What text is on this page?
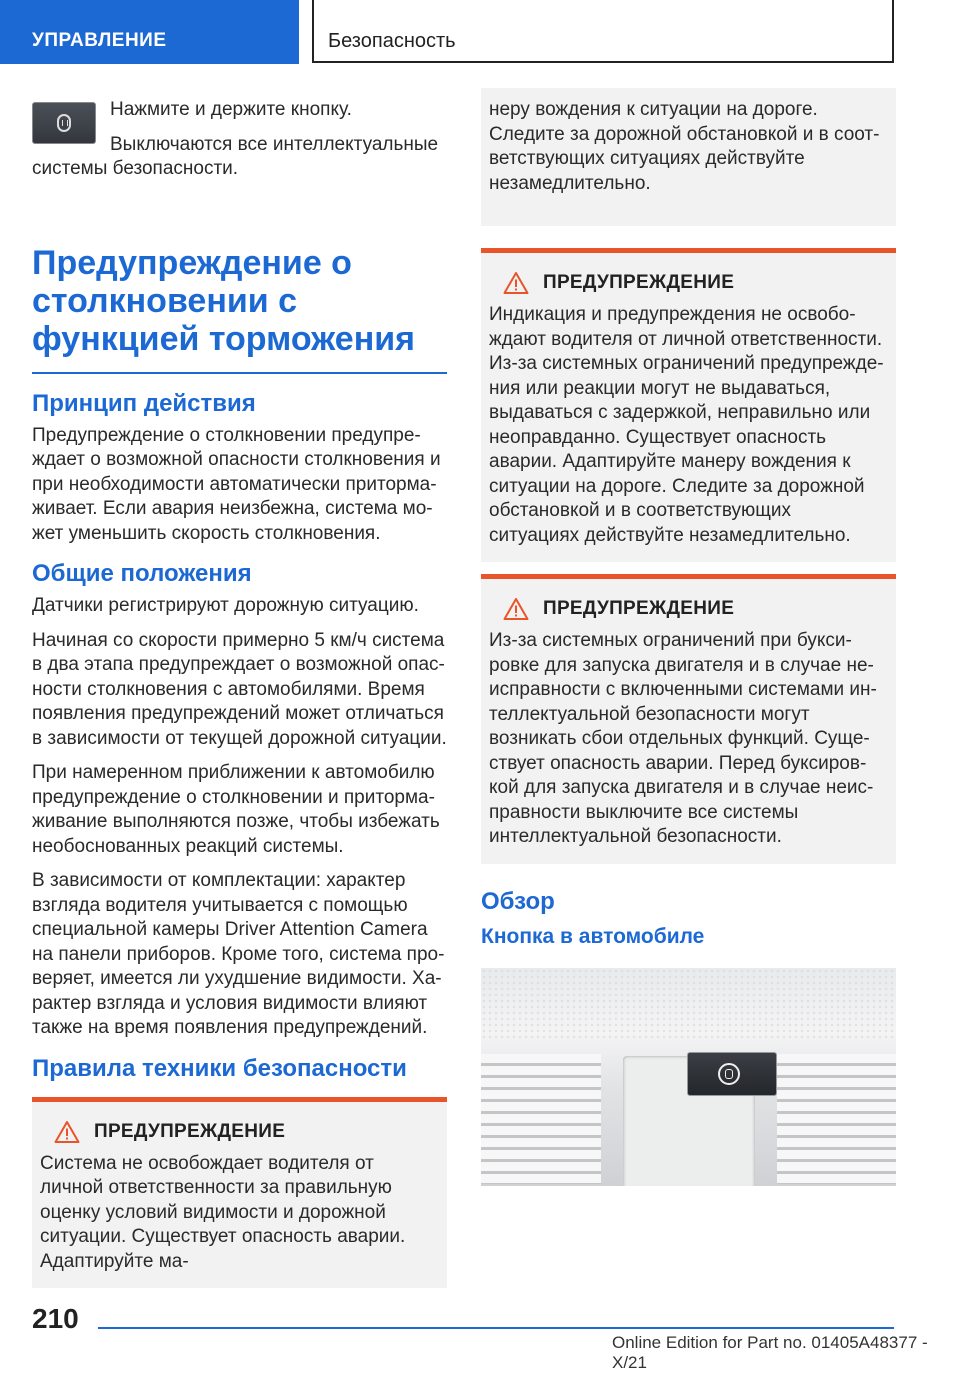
УПРАВЛЕНИЕ	Безопасность

Нажмите и держите кнопку.

Выключаются все интеллектуальные системы безопасности.

Предупреждение о столкновении с функцией торможения
Принцип действия

Предупреждение о столкновении предупреждает о возможной опасности столкновения и при необходимости автоматически притормаживает. Если авария неизбежна, система может уменьшить скорость столкновения.

Общие положения

Датчики регистрируют дорожную ситуацию.

Начиная со скорости примерно 5 км/ч система в два этапа предупреждает о возможной опасности столкновения с автомобилями. Время появления предупреждений может отличаться в зависимости от текущей дорожной ситуации.

При намеренном приближении к автомобилю предупреждение о столкновении и притормаживание выполняются позже, чтобы избежать необоснованных реакций системы.

В зависимости от комплектации: характер взгляда водителя учитывается с помощью специальной камеры Driver Attention Camera на панели приборов. Кроме того, система проверяет, имеется ли ухудшение видимости. Характер взгляда и условия видимости влияют также на время появления предупреждений.

Правила техники безопасности
ПРЕДУПРЕЖДЕНИЕ

Система не освобождает водителя от личной ответственности за правильную оценку условий видимости и дорожной ситуации. Существует опасность аварии. Адаптируйте ма-

неру вождения к ситуации на дороге. Следите за дорожной обстановкой и в соответствующих ситуациях действуйте незамедлительно.

ПРЕДУПРЕЖДЕНИЕ

Индикация и предупреждения не освобождают водителя от личной ответственности. Из-за системных ограничений предупреждения или реакции могут не выдаваться, выдаваться с задержкой, неправильно или неоправданно. Существует опасность аварии. Адаптируйте манеру вождения к ситуации на дороге. Следите за дорожной обстановкой и в соответствующих ситуациях действуйте незамедлительно.

ПРЕДУПРЕЖДЕНИЕ

Из-за системных ограничений при буксировке для запуска двигателя и в случае неисправности с включенными системами интеллектуальной безопасности могут возникать сбои отдельных функций. Существует опасность аварии. Перед буксировкой для запуска двигателя и в случае неисправности выключите все системы интеллектуальной безопасности.

Обзор
Кнопка в автомобиле
210
Online Edition for Part no. 01405A48377 - X/21
